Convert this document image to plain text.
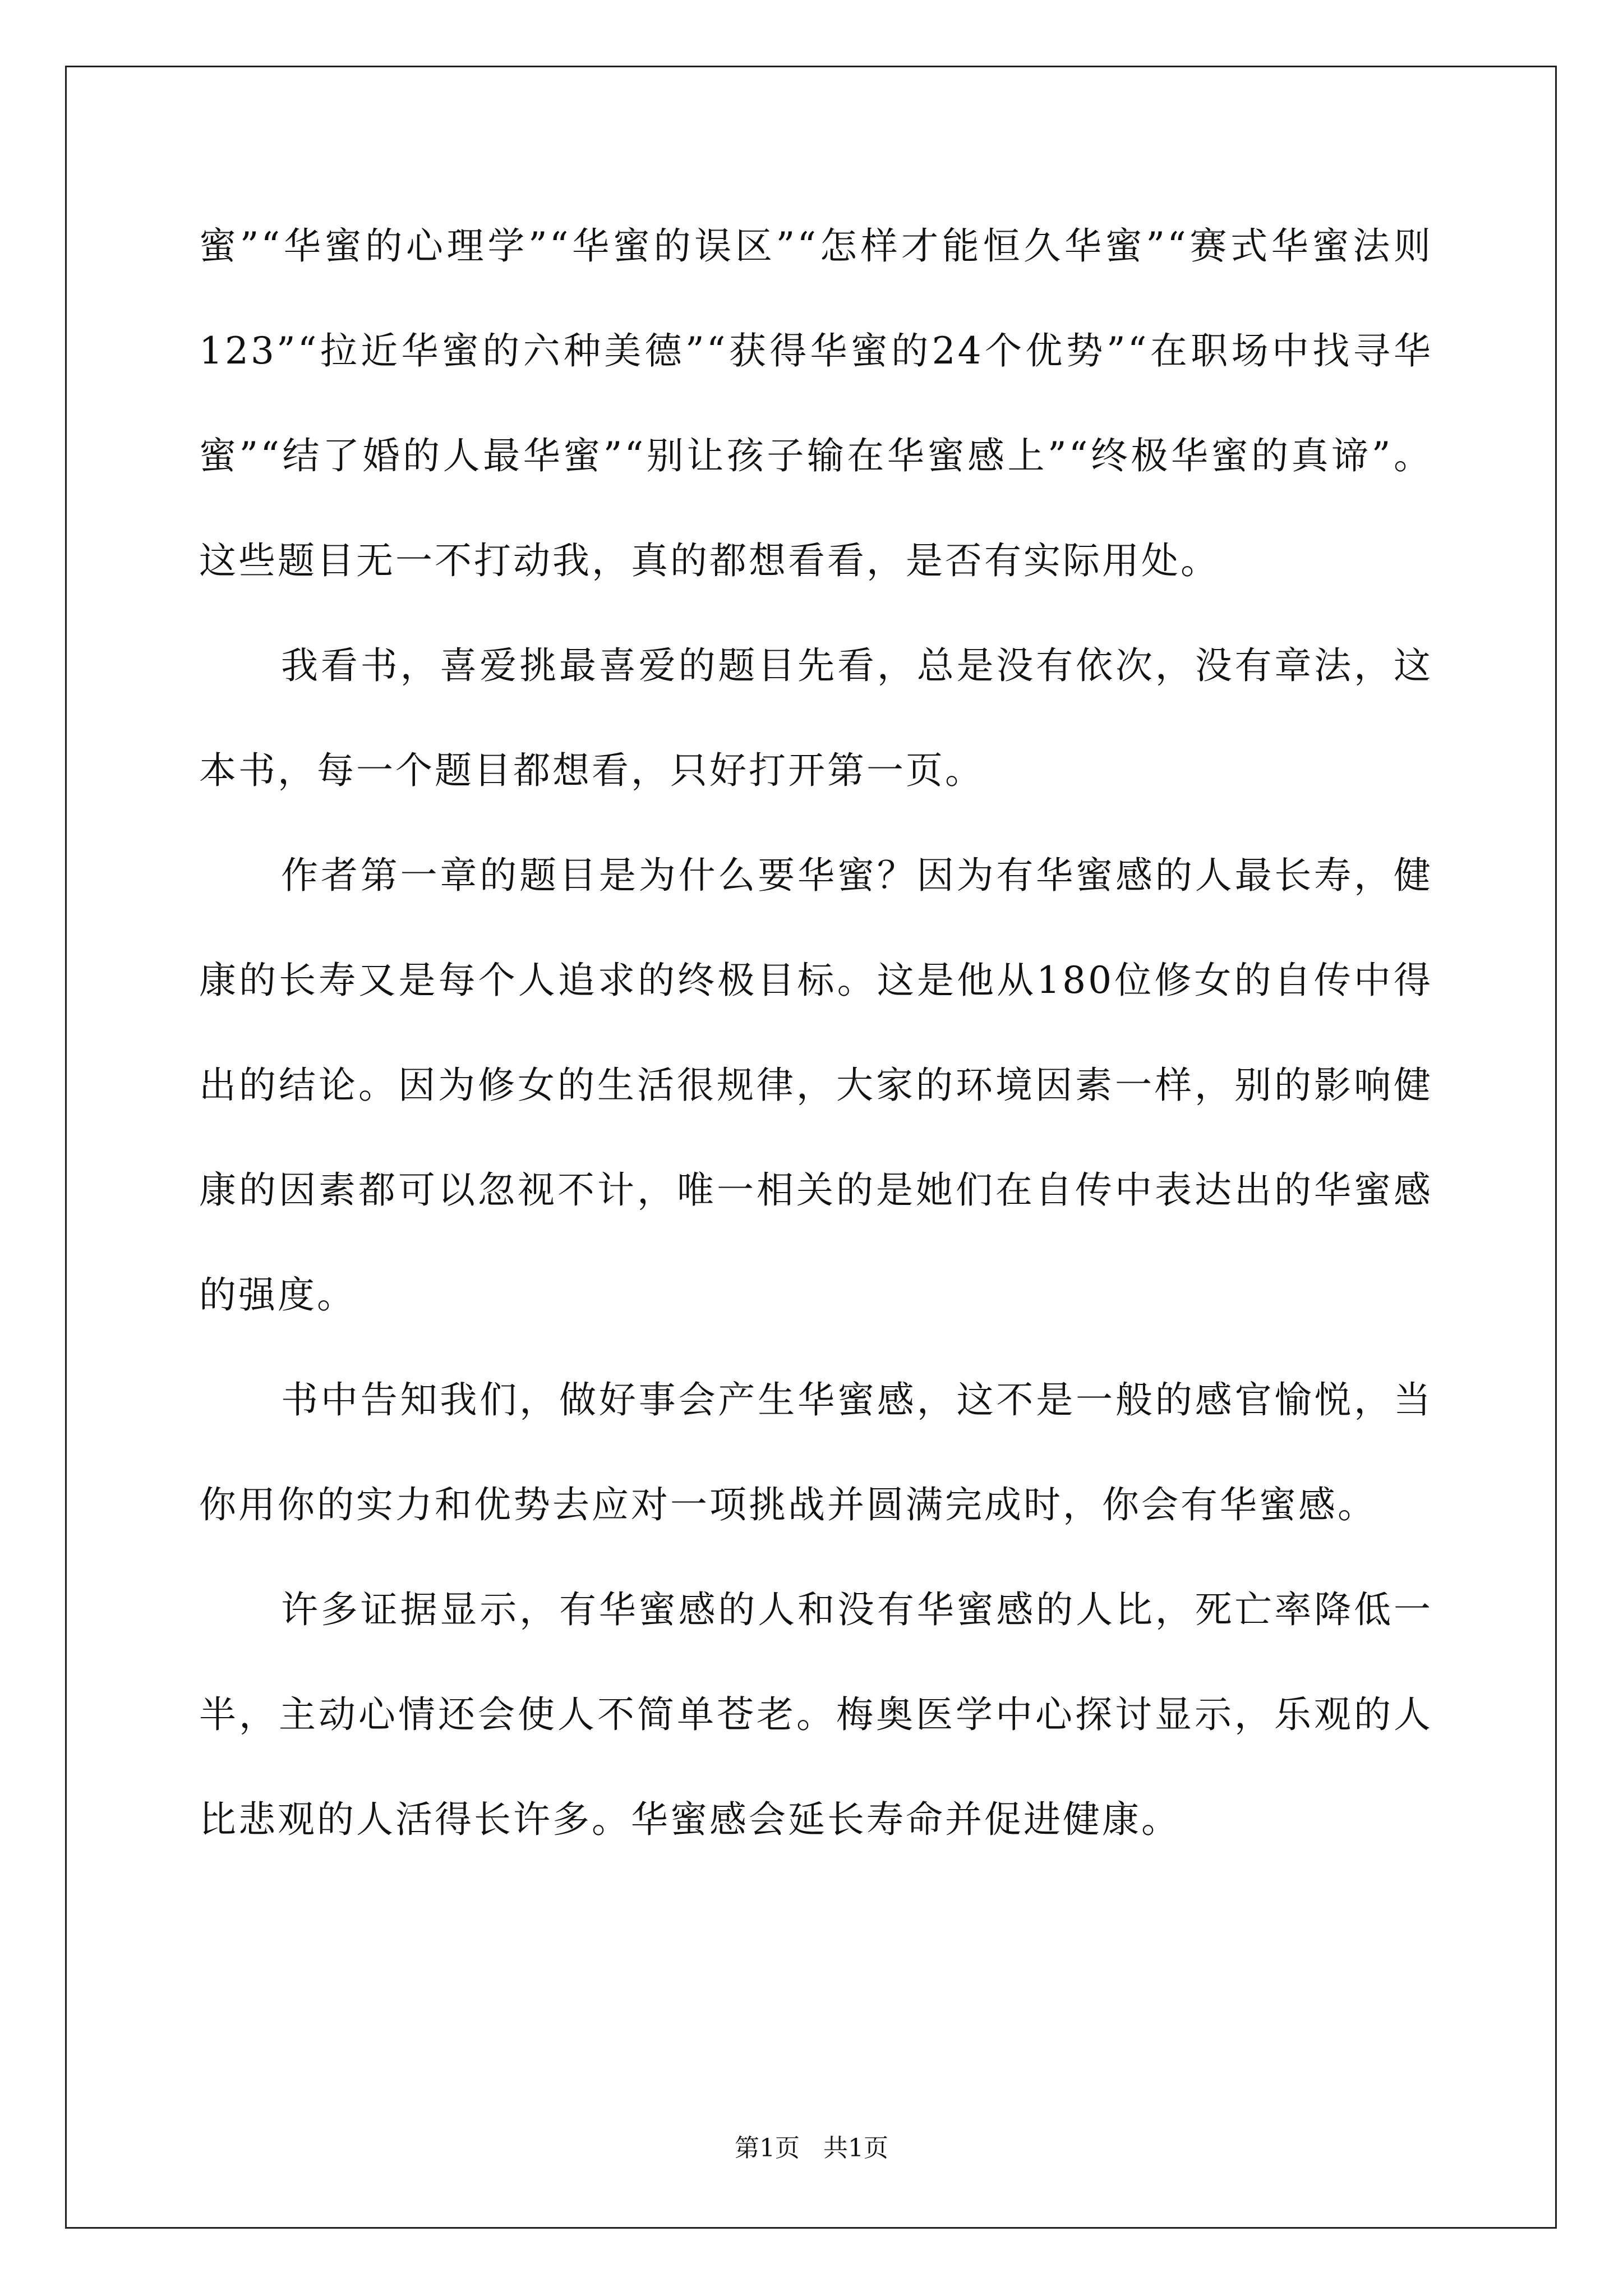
蜜”“华蜜的心理学”“华蜜的误区”“怎样才能恒久华蜜”“赛式华蜜法则123”“拉近华蜜的六种美德”“获得华蜜的24个优势”“在职场中找寻华蜜”“结了婚的人最华蜜”“别让孩子输在华蜜感上”“终极华蜜的真谛”。这些题目无一不打动我，真的都想看看，是否有实际用处。

我看书，喜爱挑最喜爱的题目先看，总是没有依次，没有章法，这本书，每一个题目都想看，只好打开第一页。

作者第一章的题目是为什么要华蜜？因为有华蜜感的人最长寿，健康的长寿又是每个人追求的终极目标。这是他从180位修女的自传中得出的结论。因为修女的生活很规律，大家的环境因素一样，别的影响健康的因素都可以忽视不计，唯一相关的是她们在自传中表达出的华蜜感的强度。

书中告知我们，做好事会产生华蜜感，这不是一般的感官愉悦，当你用你的实力和优势去应对一项挑战并圆满完成时，你会有华蜜感。

许多证据显示，有华蜜感的人和没有华蜜感的人比，死亡率降低一半，主动心情还会使人不简单苍老。梅奥医学中心探讨显示，乐观的人比悲观的人活得长许多。华蜜感会延长寿命并促进健康。

第1页 共1页
